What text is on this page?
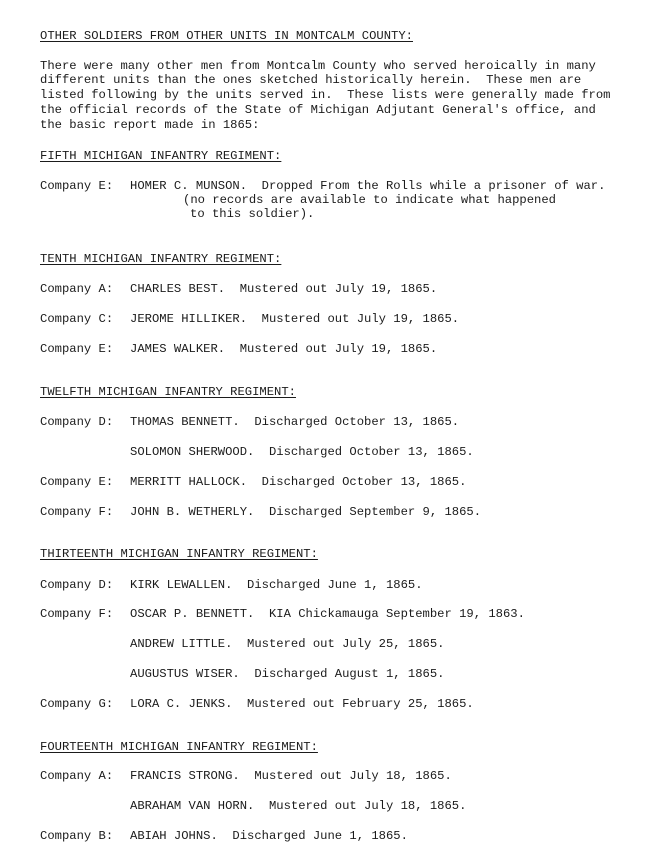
OTHER SOLDIERS FROM OTHER UNITS IN MONTCALM COUNTY:
There were many other men from Montcalm County who served heroically in many
different units than the ones sketched historically herein.  These men are
listed following by the units served in.  These lists were generally made from
the official records of the State of Michigan Adjutant General's office, and
the basic report made in 1865:
FIFTH MICHIGAN INFANTRY REGIMENT:
Company E: HOMER C. MUNSON.  Dropped From the Rolls while a prisoner of war.
(no records are available to indicate what happened
to this soldier).
TENTH MICHIGAN INFANTRY REGIMENT:
Company A: CHARLES BEST.  Mustered out July 19, 1865.
Company C: JEROME HILLIKER.  Mustered out July 19, 1865.
Company E: JAMES WALKER.  Mustered out July 19, 1865.
TWELFTH MICHIGAN INFANTRY REGIMENT:
Company D: THOMAS BENNETT.  Discharged October 13, 1865.
SOLOMON SHERWOOD.  Discharged October 13, 1865.
Company E: MERRITT HALLOCK.  Discharged October 13, 1865.
Company F: JOHN B. WETHERLY.  Discharged September 9, 1865.
THIRTEENTH MICHIGAN INFANTRY REGIMENT:
Company D: KIRK LEWALLEN.  Discharged June 1, 1865.
Company F: OSCAR P. BENNETT.  KIA Chickamauga September 19, 1863.
ANDREW LITTLE.  Mustered out July 25, 1865.
AUGUSTUS WISER.  Discharged August 1, 1865.
Company G: LORA C. JENKS.  Mustered out February 25, 1865.
FOURTEENTH MICHIGAN INFANTRY REGIMENT:
Company A: FRANCIS STRONG.  Mustered out July 18, 1865.
ABRAHAM VAN HORN.  Mustered out July 18, 1865.
Company B: ABIAH JOHNS.  Discharged June 1, 1865.
